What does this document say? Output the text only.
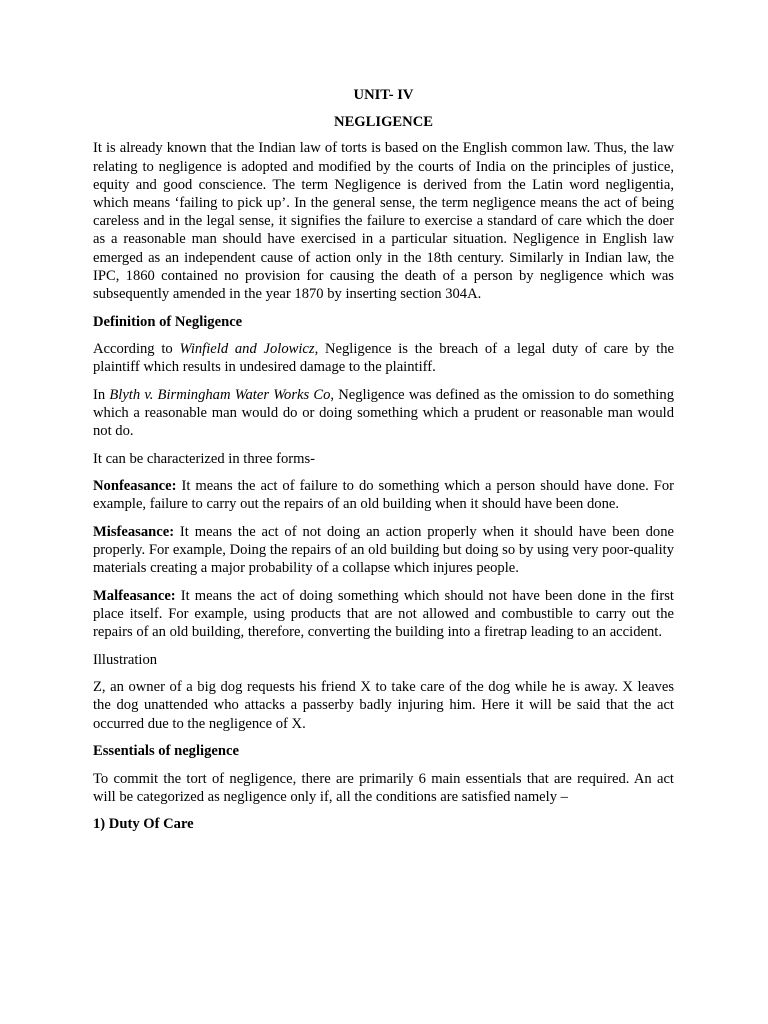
UNIT- IV
NEGLIGENCE

It is already known that the Indian law of torts is based on the English common law. Thus, the law relating to negligence is adopted and modified by the courts of India on the principles of justice, equity and good conscience. The term Negligence is derived from the Latin word negligentia, which means ‘failing to pick up’. In the general sense, the term negligence means the act of being careless and in the legal sense, it signifies the failure to exercise a standard of care which the doer as a reasonable man should have exercised in a particular situation. Negligence in English law emerged as an independent cause of action only in the 18th century. Similarly in Indian law, the IPC, 1860 contained no provision for causing the death of a person by negligence which was subsequently amended in the year 1870 by inserting section 304A.

Definition of Negligence

According to Winfield and Jolowicz, Negligence is the breach of a legal duty of care by the plaintiff which results in undesired damage to the plaintiff.

In Blyth v. Birmingham Water Works Co, Negligence was defined as the omission to do something which a reasonable man would do or doing something which a prudent or reasonable man would not do.

It can be characterized in three forms-

Nonfeasance: It means the act of failure to do something which a person should have done. For example, failure to carry out the repairs of an old building when it should have been done.

Misfeasance: It means the act of not doing an action properly when it should have been done properly. For example, Doing the repairs of an old building but doing so by using very poor-quality materials creating a major probability of a collapse which injures people.

Malfeasance: It means the act of doing something which should not have been done in the first place itself. For example, using products that are not allowed and combustible to carry out the repairs of an old building, therefore, converting the building into a firetrap leading to an accident.

Illustration

Z, an owner of a big dog requests his friend X to take care of the dog while he is away. X leaves the dog unattended who attacks a passerby badly injuring him. Here it will be said that the act occurred due to the negligence of X.

Essentials of negligence

To commit the tort of negligence, there are primarily 6 main essentials that are required. An act will be categorized as negligence only if, all the conditions are satisfied namely –

1) Duty Of Care
